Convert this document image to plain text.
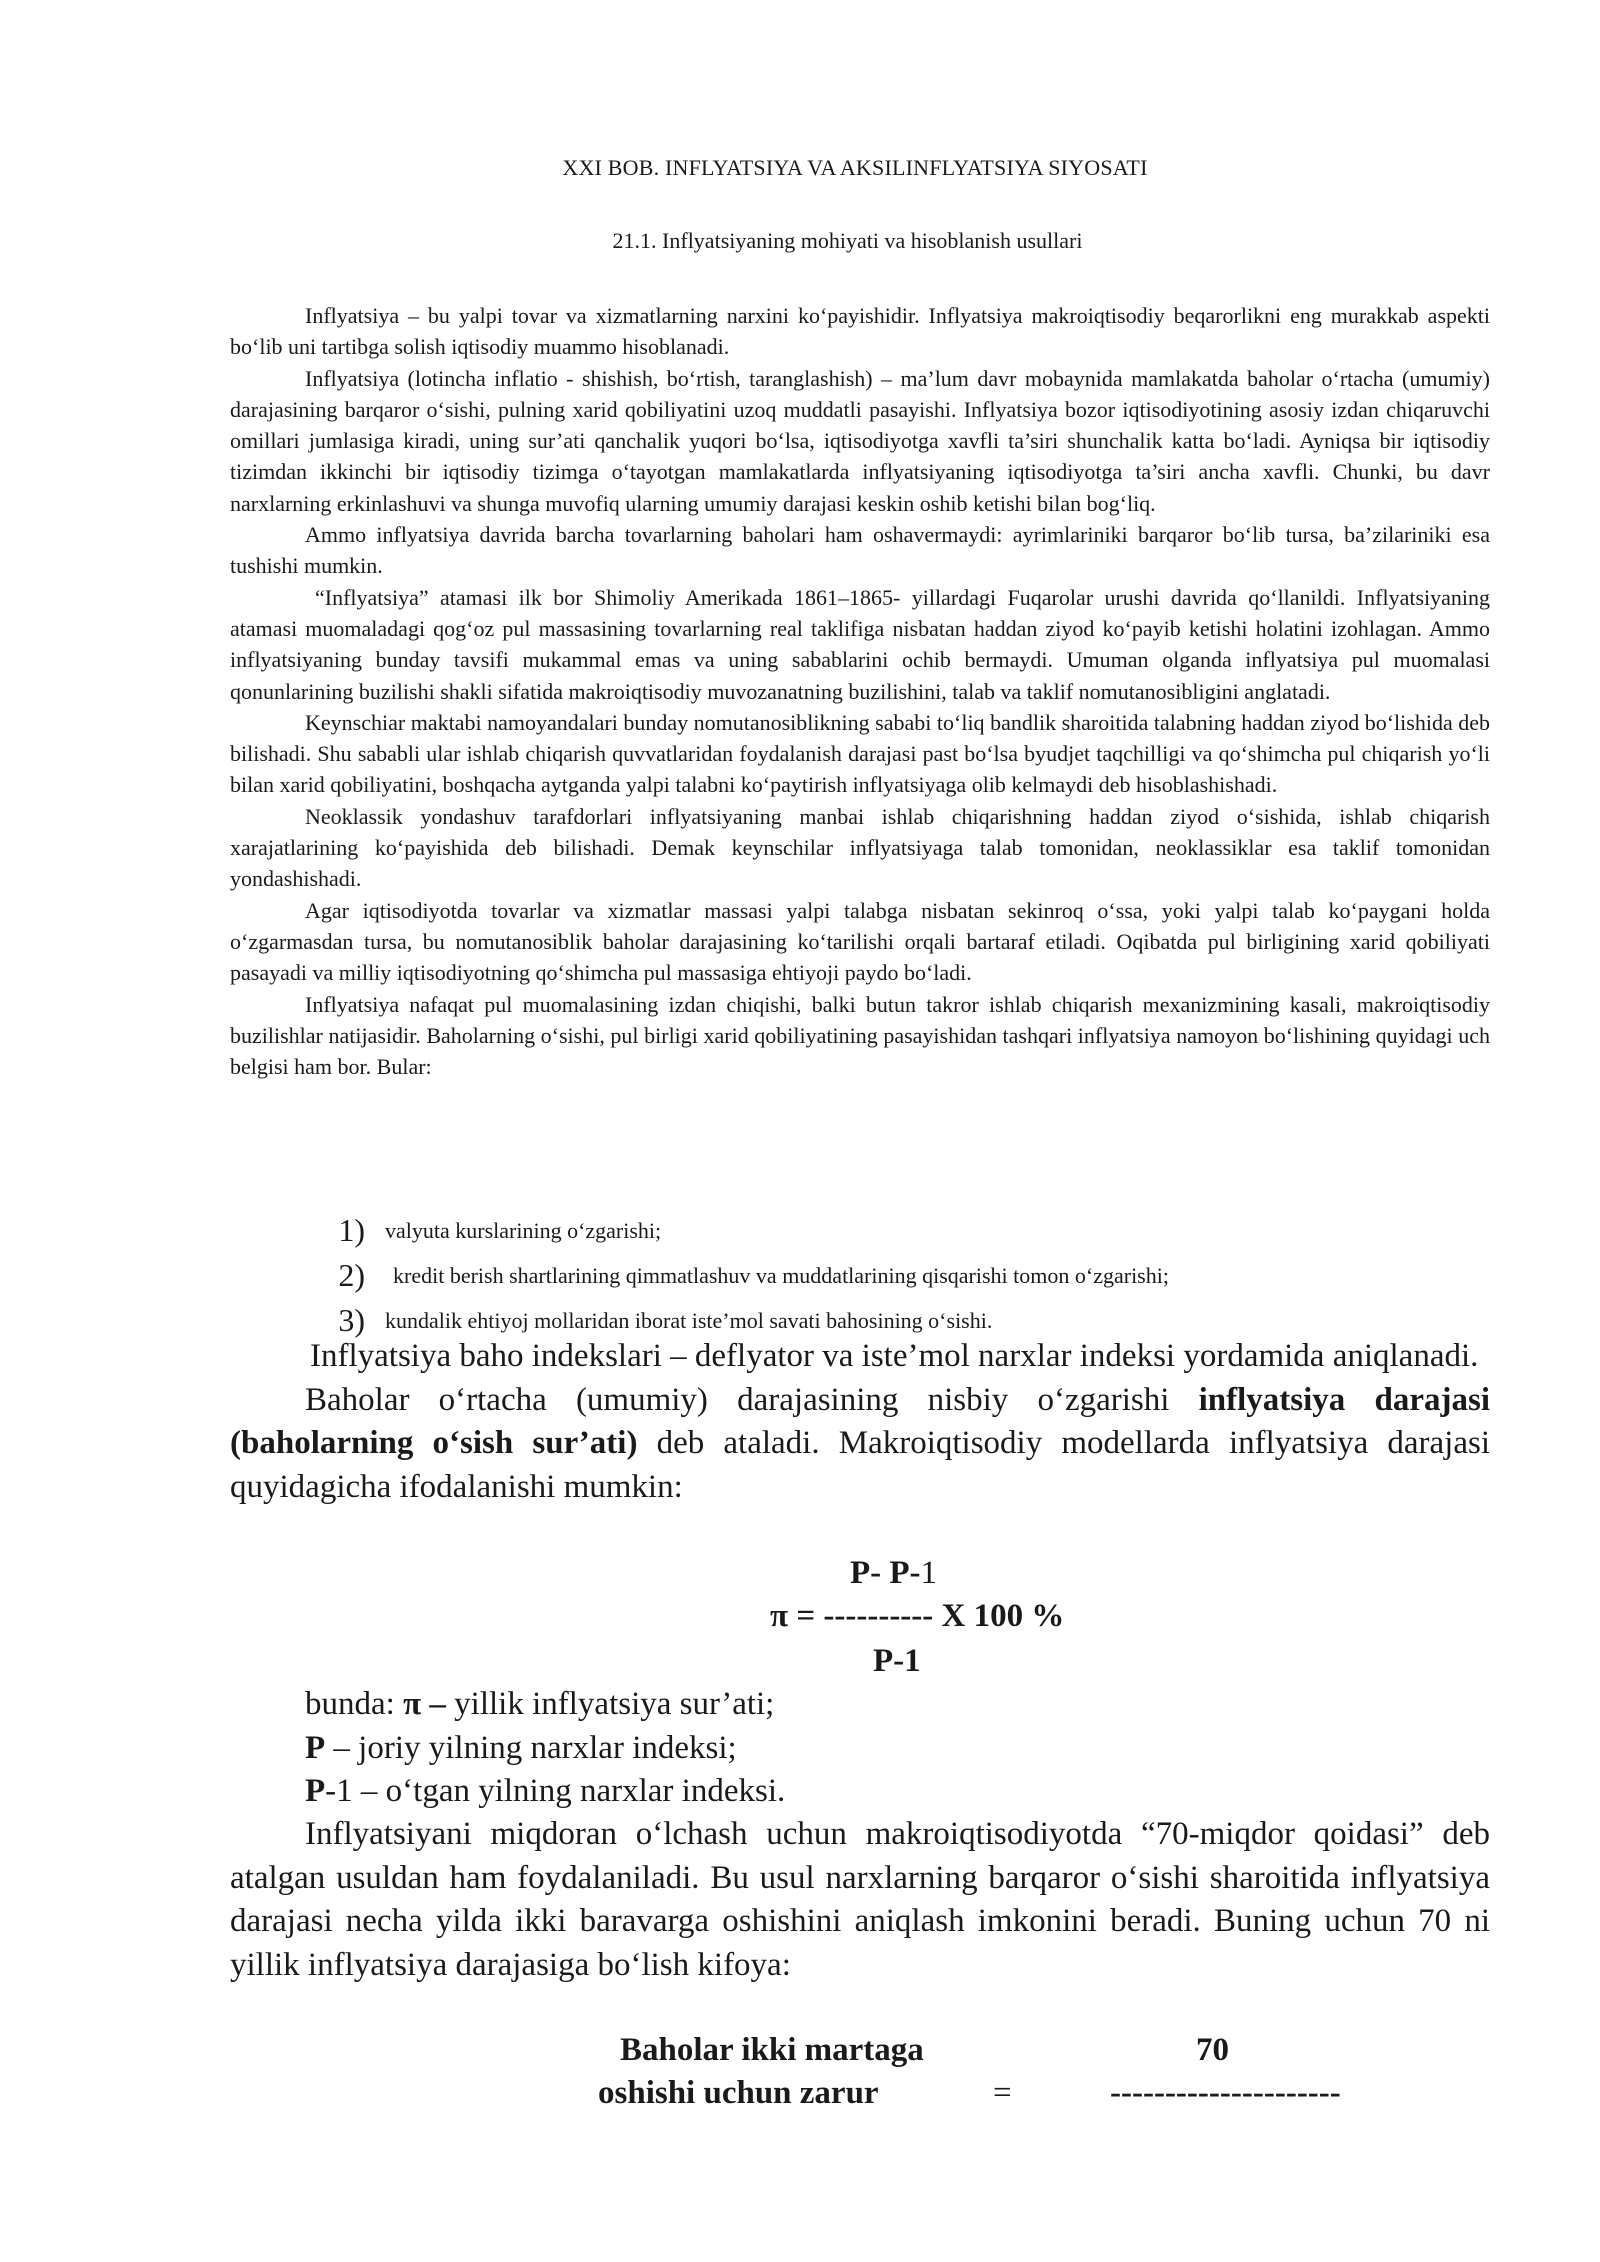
XXI BOB. INFLYATSIYA VA AKSILINFLYATSIYA SIYOSATI
21.1. Inflyatsiyaning mohiyati va hisoblanish usullari

Inflyatsiya – bu yalpi tovar va xizmatlarning narxini ko‘payishidir. Inflyatsiya makroiqtisodiy beqarorlikni eng murakkab aspekti bo‘lib uni tartibga solish iqtisodiy muammo hisoblanadi.

Inflyatsiya (lotincha inflatio - shishish, bo‘rtish, taranglashish) – ma’lum davr mobaynida mamlakatda baholar o‘rtacha (umumiy) darajasining barqaror o‘sishi, pulning xarid qobiliyatini uzoq muddatli pasayishi. Inflyatsiya bozor iqtisodiyotining asosiy izdan chiqaruvchi omillari jumlasiga kiradi, uning sur’ati qanchalik yuqori bo‘lsa, iqtisodiyotga xavfli ta’siri shunchalik katta bo‘ladi. Ayniqsa bir iqtisodiy tizimdan ikkinchi bir iqtisodiy tizimga o‘tayotgan mamlakatlarda inflyatsiyaning iqtisodiyotga ta’siri ancha xavfli. Chunki, bu davr narxlarning erkinlashuvi va shunga muvofiq ularning umumiy darajasi keskin oshib ketishi bilan bog‘liq.

Ammo inflyatsiya davrida barcha tovarlarning baholari ham oshavermaydi: ayrimlariniki barqaror bo‘lib tursa, ba’zilariniki esa tushishi mumkin.

“Inflyatsiya” atamasi ilk bor Shimoliy Amerikada 1861–1865- yillardagi Fuqarolar urushi davrida qo‘llanildi. Inflyatsiyaning atamasi muomaladagi qog‘oz pul massasining tovarlarning real taklifiga nisbatan haddan ziyod ko‘payib ketishi holatini izohlagan. Ammo inflyatsiyaning bunday tavsifi mukammal emas va uning sabablarini ochib bermaydi. Umuman olganda inflyatsiya pul muomalasi qonunlarining buzilishi shakli sifatida makroiqtisodiy muvozanatning buzilishini, talab va taklif nomutanosibligini anglatadi.

Keynschiar maktabi namoyandalari bunday nomutanosiblikning sababi to‘liq bandlik sharoitida talabning haddan ziyod bo‘lishida deb bilishadi. Shu sababli ular ishlab chiqarish quvvatlaridan foydalanish darajasi past bo‘lsa byudjet taqchilligi va qo‘shimcha pul chiqarish yo‘li bilan xarid qobiliyatini, boshqacha aytganda yalpi talabni ko‘paytirish inflyatsiyaga olib kelmaydi deb hisoblashishadi.

Neoklassik yondashuv tarafdorlari inflyatsiyaning manbai ishlab chiqarishning haddan ziyod o‘sishida, ishlab chiqarish xarajatlarining ko‘payishida deb bilishadi. Demak keynschilar inflyatsiyaga talab tomonidan, neoklassiklar esa taklif tomonidan yondashishadi.

Agar iqtisodiyotda tovarlar va xizmatlar massasi yalpi talabga nisbatan sekinroq o‘ssa, yoki yalpi talab ko‘paygani holda o‘zgarmasdan tursa, bu nomutanosiblik baholar darajasining ko‘tarilishi orqali bartaraf etiladi. Oqibatda pul birligining xarid qobiliyati pasayadi va milliy iqtisodiyotning qo‘shimcha pul massasiga ehtiyoji paydo bo‘ladi.

Inflyatsiya nafaqat pul muomalasining izdan chiqishi, balki butun takror ishlab chiqarish mexanizmining kasali, makroiqtisodiy buzilishlar natijasidir. Baholarning o‘sishi, pul birligi xarid qobiliyatining pasayishidan tashqari inflyatsiya namoyon bo‘lishining quyidagi uch belgisi ham bor. Bular:

1) valyuta kurslarining o‘zgarishi;
2)	kredit berish shartlarining qimmatlashuv va muddatlarining qisqarishi tomon o‘zgarishi;
3) kundalik ehtiyoj mollaridan iborat iste’mol savati bahosining o‘sishi.

Inflyatsiya baho indekslari – deflyator va iste’mol narxlar indeksi yordamida aniqlanadi.

Baholar o‘rtacha (umumiy) darajasining nisbiy o‘zgarishi inflyatsiya darajasi (baholarning o‘sish sur’ati) deb ataladi. Makroiqtisodiy modellarda inflyatsiya darajasi quyidagicha ifodalanishi mumkin:

P- P-1
π = ---------- X 100 %
P-1

bunda: π – yillik inflyatsiya sur’ati;

P – joriy yilning narxlar indeksi;

P-1 – o‘tgan yilning narxlar indeksi.

Inflyatsiyani miqdoran o‘lchash uchun makroiqtisodiyotda “70-miqdor qoidasi” deb atalgan usuldan ham foydalaniladi. Bu usul narxlarning barqaror o‘sishi sharoitida inflyatsiya darajasi necha yilda ikki baravarga oshishini aniqlash imkonini beradi. Buning uchun 70 ni yillik inflyatsiya darajasiga bo‘lish kifoya:

Baholar ikki martaga	70
oshishi uchun zarur	=	---------------------
